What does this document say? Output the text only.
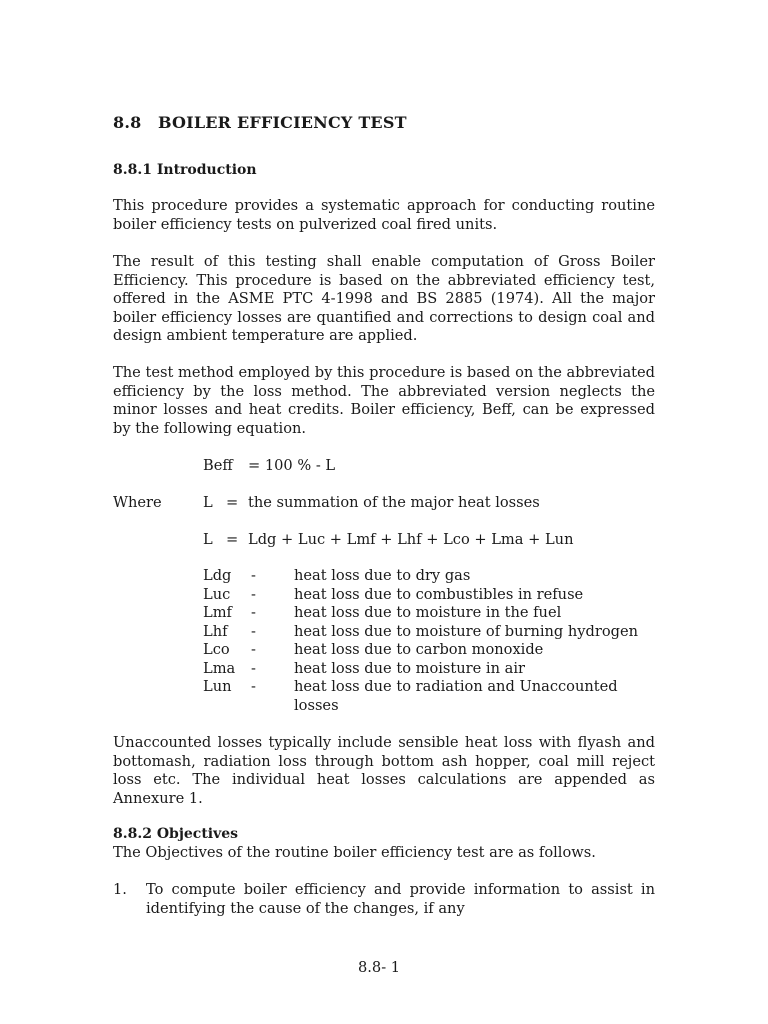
8.8 BOILER EFFICIENCY TEST
8.8.1 Introduction
This procedure provides a systematic approach for conducting routine boiler efficiency tests on pulverized coal fired units.
The result of this testing shall enable computation of Gross Boiler Efficiency. This procedure is based on the abbreviated efficiency test, offered in the ASME PTC 4-1998 and BS 2885 (1974). All the major boiler efficiency losses are quantified and corrections to design coal and design ambient temperature are applied.
The test method employed by this procedure is based on the abbreviated efficiency by the loss method. The abbreviated version neglects the minor losses and heat credits. Boiler efficiency, Beff, can be expressed by the following equation.
Beff = 100 % - L
Where	L = the summation of the major heat losses
L = Ldg + Luc + Lmf + Lhf + Lco + Lma + Lun
Ldg	-	heat loss due to dry gas
Luc	-	heat loss due to combustibles in refuse
Lmf	-	heat loss due to moisture in the fuel
Lhf	-	heat loss due to moisture of burning hydrogen
Lco	-	heat loss due to carbon monoxide
Lma	-	heat loss due to moisture in air
Lun	-	heat loss due to radiation and Unaccounted losses
Unaccounted losses typically include sensible heat loss with flyash and
bottomash, radiation loss through bottom ash hopper, coal mill reject
loss etc. The individual heat losses calculations are appended as
Annexure 1.
8.8.2 Objectives
The Objectives of the routine boiler efficiency test are as follows.
1. To compute boiler efficiency and provide information to assist in identifying the cause of the changes, if any
8.8- 1
